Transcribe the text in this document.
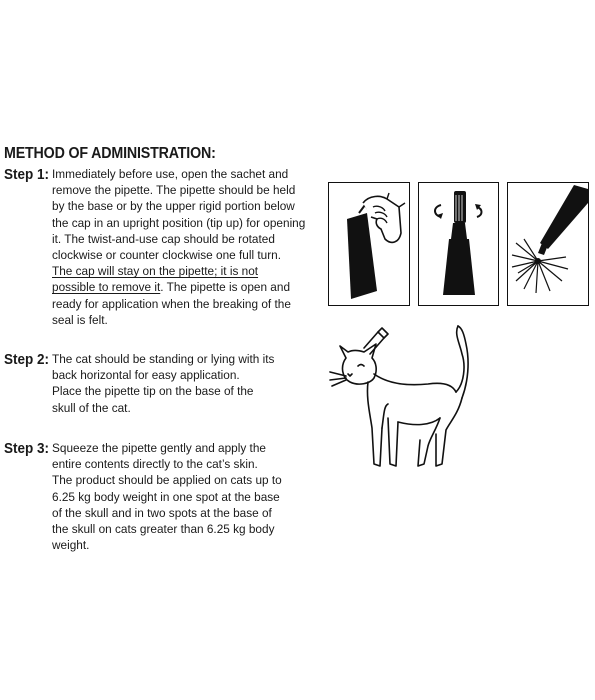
METHOD OF ADMINISTRATION:
Step 1: Immediately before use, open the sachet and
remove the pipette. The pipette should be held
by the base or by the upper rigid portion below
the cap in an upright position (tip up) for opening
it. The twist-and-use cap should be rotated
clockwise or counter clockwise one full turn.
The cap will stay on the pipette; it is not
possible to remove it. The pipette is open and
ready for application when the breaking of the
seal is felt.
Step 2: The cat should be standing or lying with its
back horizontal for easy application.
Place the pipette tip on the base of the
skull of the cat.
Step 3: Squeeze the pipette gently and apply the
entire contents directly to the cat’s skin.
The product should be applied on cats up to
6.25 kg body weight in one spot at the base
of the skull and in two spots at the base of
the skull on cats greater than 6.25 kg body
weight.
